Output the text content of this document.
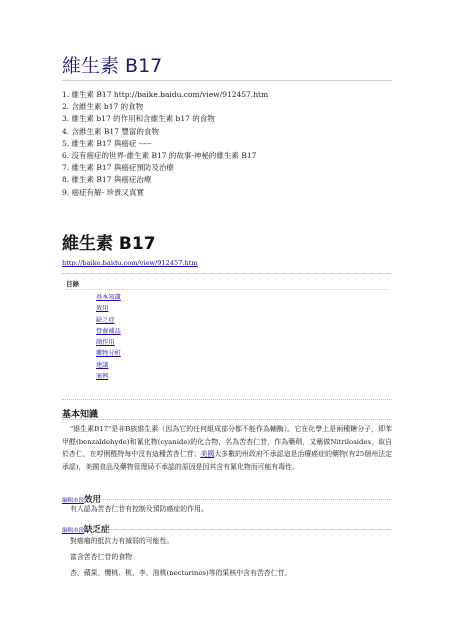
維生素 B17
1. 維生素 B17 http://baike.baidu.com/view/912457.htm
2. 含維生素 b17 的食物
3. 維生素 b17 的作用和含維生素 b17 的食物
4. 含維生素 B17 豐富的食物
5. 維生素 B17 與癌症 -----
6. 沒有癌症的世界-維生素 B17 的故事-神秘的維生素 B17
7. 維生素 B17 與癌症預防及治療
8. 維生素 B17 與癌症治療
9. 癌症有解- 珍貴又真實
維生素 B17
http://baike.baidu.com/view/912457.htm
目錄
基本知識
效用
缺乏症
營養補品
副作用
藥物分析
建議
案例
基本知識

"維生素B17"是非B族維生素（因為它的任何組成部分都不能作為輔酶）。它在化學上是兩種糖分子，即苯甲醛(benzaldehyde)和氰化物(cyanide)的化合物，名為苦杏仁苷，作為藥劑，又稱做Nitrilosides，取自於杏仁，在哼俐醛特每中沒有這種苦杏仁苷；美國大多數的州政府不承認這是治療癌症的藥物(有25個州法定承認)，美國食品及藥物管理局不承認的原因是因其含有氰化物而可能有毒性。

編輯本段效用
有人認為苦杏仁苷有控制及預防癌症的作用。
編輯本段缺乏症
對癌瘤的抵抗力有減弱的可能性。
富含苦杏仁苷的食物
杏、蘋果、櫻桃、桃、李、油桃(nectarines)等的果核中含有苦杏仁苷。
